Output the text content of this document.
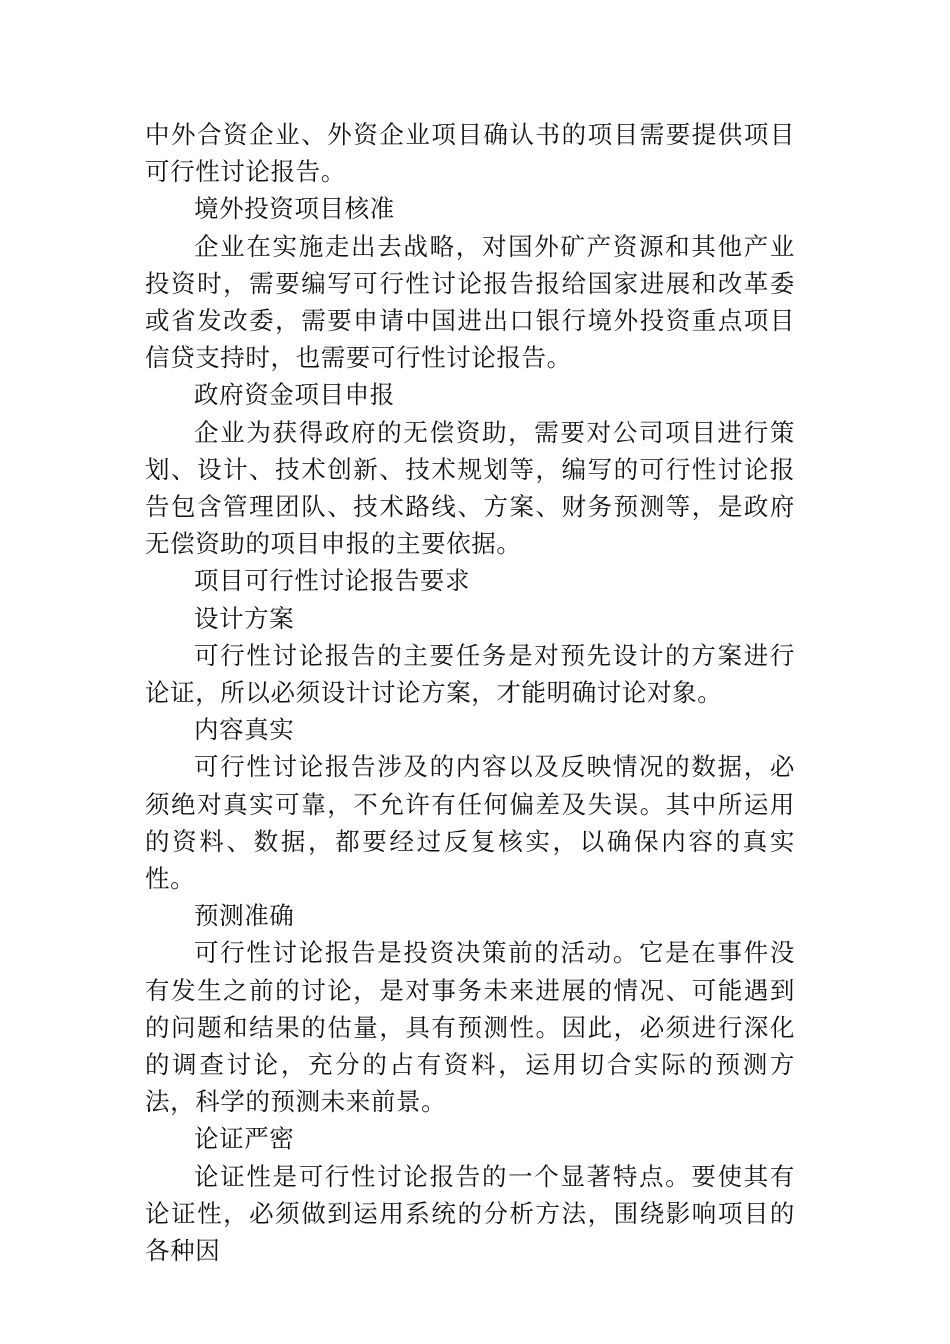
中外合资企业、外资企业项目确认书的项目需要提供项目可行性讨论报告。

境外投资项目核准

企业在实施走出去战略，对国外矿产资源和其他产业投资时，需要编写可行性讨论报告报给国家进展和改革委或省发改委，需要申请中国进出口银行境外投资重点项目信贷支持时，也需要可行性讨论报告。

政府资金项目申报

企业为获得政府的无偿资助，需要对公司项目进行策划、设计、技术创新、技术规划等，编写的可行性讨论报告包含管理团队、技术路线、方案、财务预测等，是政府无偿资助的项目申报的主要依据。

项目可行性讨论报告要求

设计方案

可行性讨论报告的主要任务是对预先设计的方案进行论证，所以必须设计讨论方案，才能明确讨论对象。

内容真实

可行性讨论报告涉及的内容以及反映情况的数据，必须绝对真实可靠，不允许有任何偏差及失误。其中所运用的资料、数据，都要经过反复核实，以确保内容的真实性。

预测准确

可行性讨论报告是投资决策前的活动。它是在事件没有发生之前的讨论，是对事务未来进展的情况、可能遇到的问题和结果的估量，具有预测性。因此，必须进行深化的调查讨论，充分的占有资料，运用切合实际的预测方法，科学的预测未来前景。

论证严密

论证性是可行性讨论报告的一个显著特点。要使其有论证性，必须做到运用系统的分析方法，围绕影响项目的各种因
